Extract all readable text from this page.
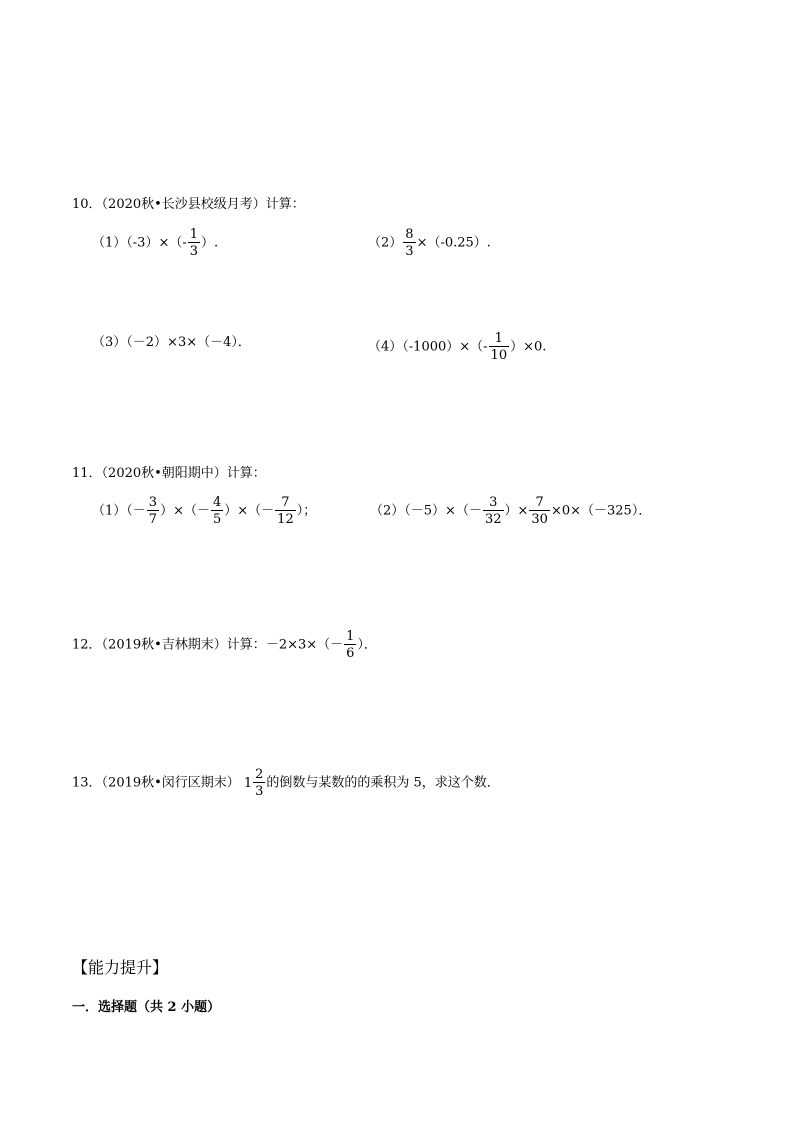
10．（2020秋•长沙县校级月考）计算：
$(1)(-3)\times(- \frac{1}{3}$ ）.	$(2) \frac{8}{3} \times(-0.25)$.
（3）（－2）×3×（－4）．	$(4)(-1000)\times(- \frac{1}{10} )\times 0$.
11．（2020秋•朝阳期中）计算：
$(1)(- \frac{3}{7}$ ）×（－ $\frac{4}{5}$ ）×（－ $\frac{7}{12}$ ）；	$(2)(-5)\times(- \frac{3}{32}$ ）× $\frac{7}{30} \times 0\times(-325)$．
12．（2019秋•吉林期末）计算：$-2\times 3\times(- \frac{1}{6}$ ）．
13．（2019秋•闵行区期末） $1 \frac{2}{3}$ 的倒数与某数的的乘积为 5，求这个数．
【能力提升】
一．选择题（共 2 小题）
